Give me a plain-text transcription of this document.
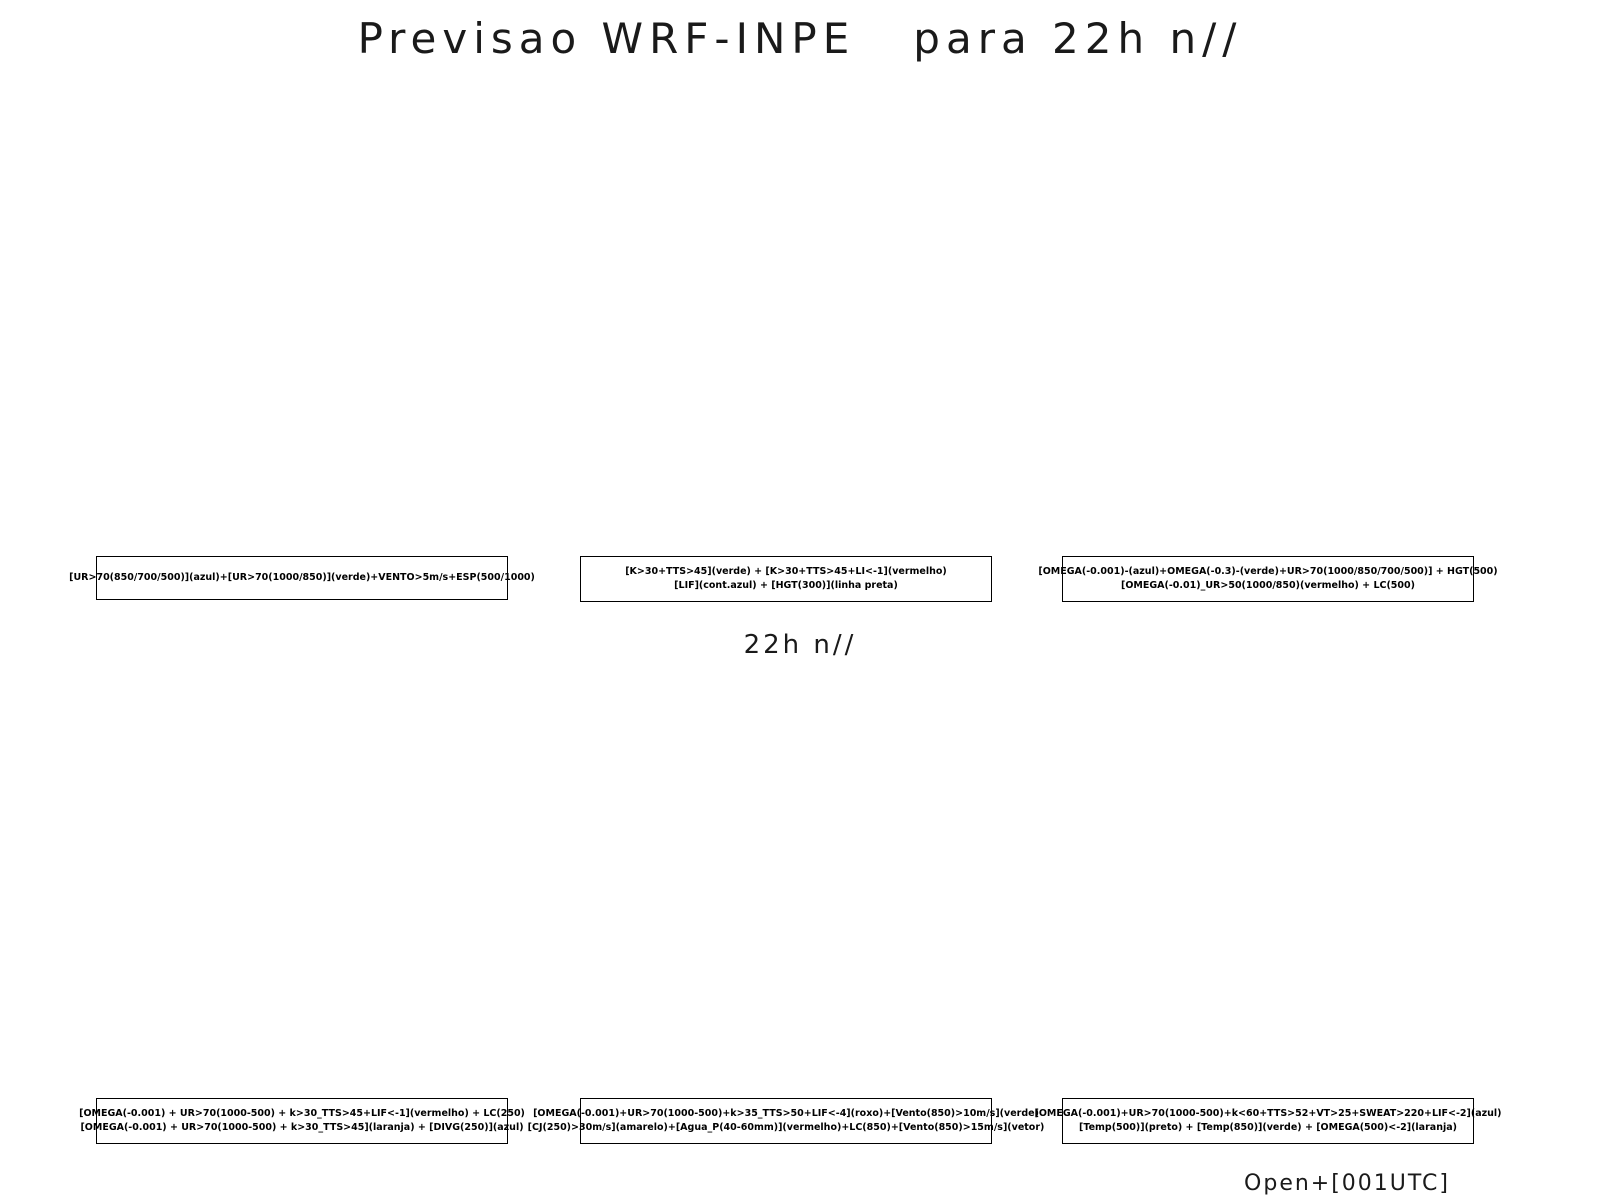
Previsao WRF-INPE   para 22h n//
[UR>70(850/700/500)](azul)+[UR>70(1000/850)](verde)+VENTO>5m/s+ESP(500/1000)
[K>30+TTS>45](verde) + [K>30+TTS>45+LI<-1](vermelho)
[LIF](cont.azul) + [HGT(300)](linha preta)
[OMEGA(-0.001)-(azul)+OMEGA(-0.3)-(verde)+UR>70(1000/850/700/500)] + HGT(500)
[OMEGA(-0.01)_UR>50(1000/850)(vermelho) + LC(500)
22h n//
[OMEGA(-0.001) + UR>70(1000-500) + k>30_TTS>45+LIF<-1](vermelho) + LC(250)
[OMEGA(-0.001) + UR>70(1000-500) + k>30_TTS>45](laranja) + [DIVG(250)](azul)
[OMEGA(-0.001)+UR>70(1000-500)+k>35_TTS>50+LIF<-4](roxo)+[Vento(850)>10m/s](verde)
[CJ(250)>30m/s](amarelo)+[Agua_P(40-60mm)](vermelho)+LC(850)+[Vento(850)>15m/s](vetor)
[OMEGA(-0.001)+UR>70(1000-500)+k<60+TTS>52+VT>25+SWEAT>220+LIF<-2](azul)
[Temp(500)](preto) + [Temp(850)](verde) + [OMEGA(500)<-2](laranja)
Open+[001UTC]
